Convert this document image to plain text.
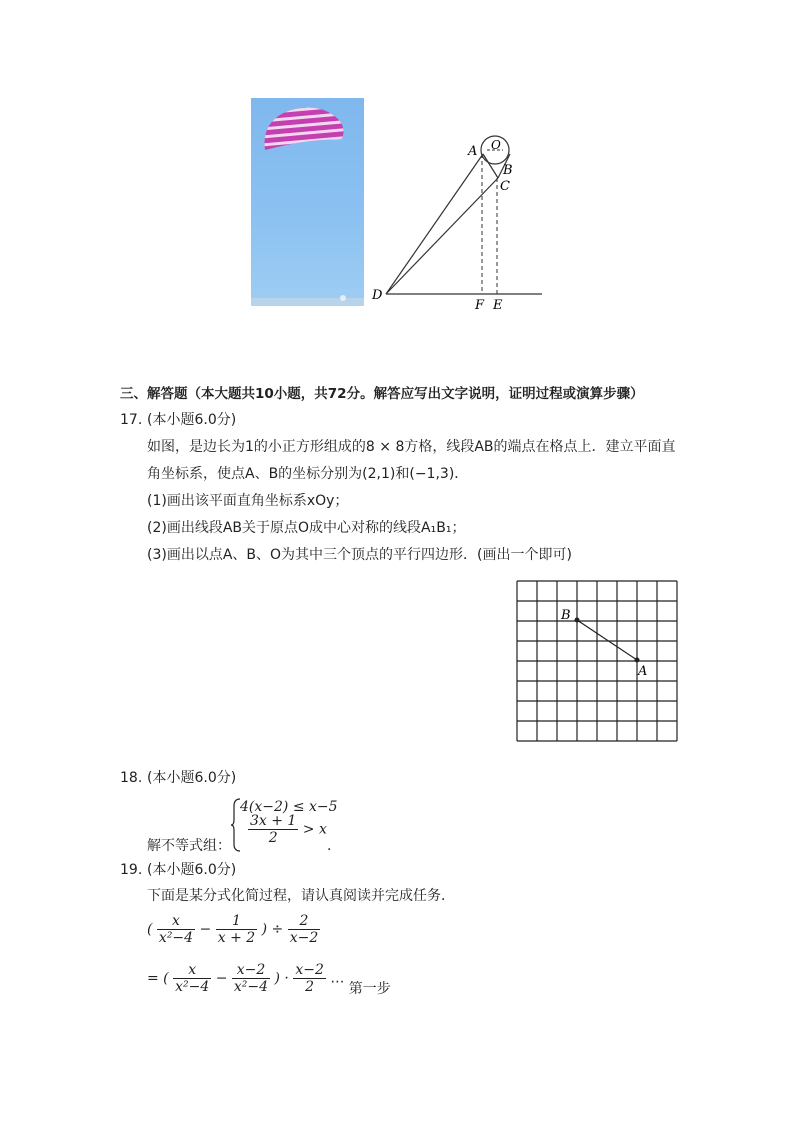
A O
B
C
D
F E
三、解答题（本大题共10小题，共72分。解答应写出文字说明，证明过程或演算步骤）
17. (本小题6.0分)
如图，是边长为1的小正方形组成的8 × 8方格，线段AB的端点在格点上．建立平面直
角坐标系，使点A、B的坐标分别为(2,1)和(−1,3)．
(1)画出该平面直角坐标系xOy；
(2)画出线段AB关于原点O成中心对称的线段A₁B₁；
(3)画出以点A、B、O为其中三个顶点的平行四边形．(画出一个即可)
B
A
18. (本小题6.0分)
解不等式组：
4(x−2) ≤ x−5
$\frac{3x + 1}{2} > x$
.
19. (本小题6.0分)
下面是某分式化简过程，请认真阅读并完成任务．
( $\frac{x}{\text{x²−4}} - \frac{1}{x + 2}$ ) ÷ $\frac{2}{x-2}$
= ( $\frac{x}{\text{x²−4}} - \frac{x-2}{\text{x²−4}}$ ) · $\frac{x-2}{2}$ … 第一步
